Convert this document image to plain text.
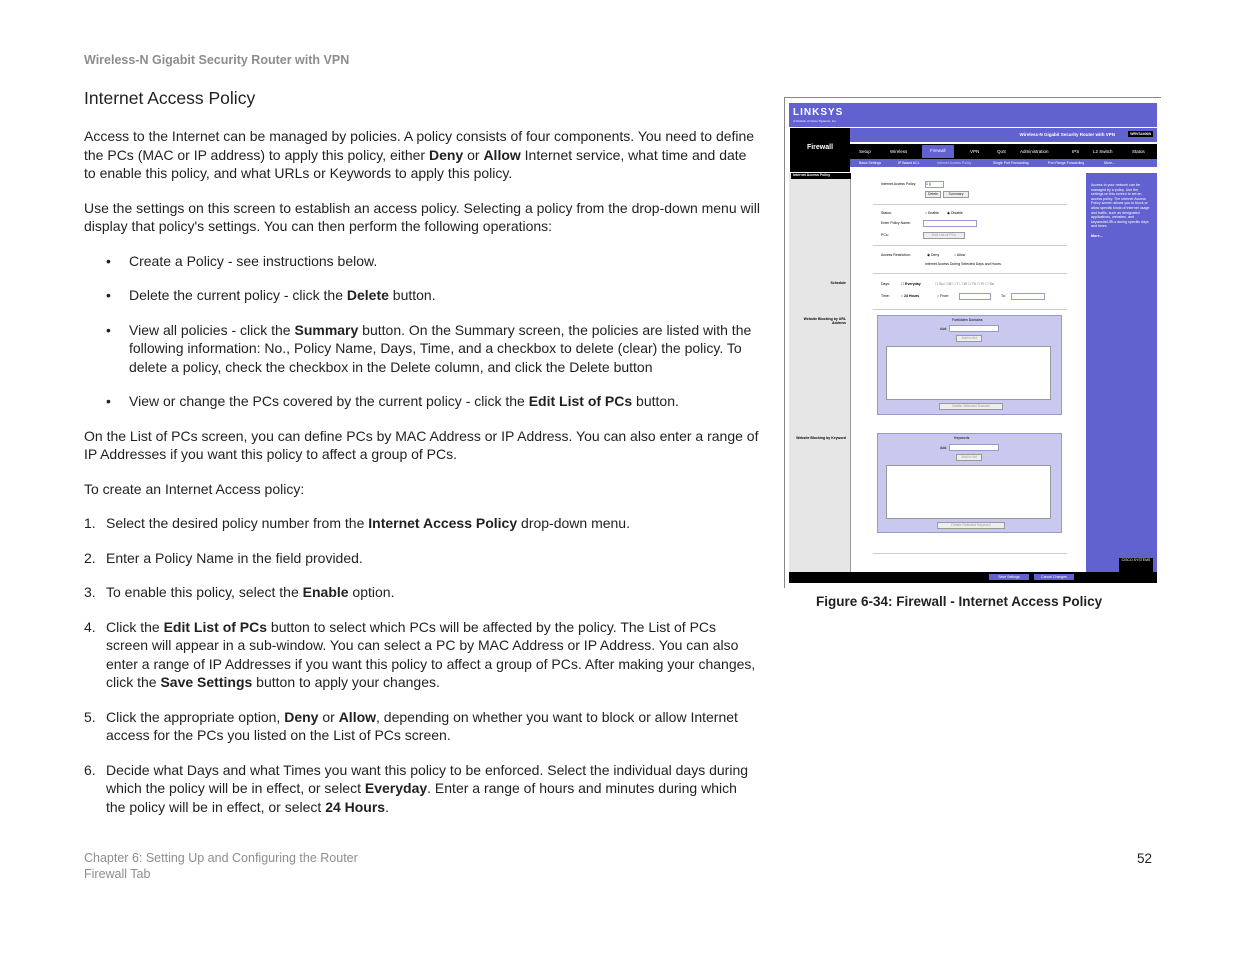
Wireless-N Gigabit Security Router with VPN
Internet Access Policy

Access to the Internet can be managed by policies. A policy consists of four components. You need to define the PCs (MAC or IP address) to apply this policy, either Deny or Allow Internet service, what time and date to enable this policy, and what URLs or Keywords to apply this policy.

Use the settings on this screen to establish an access policy. Selecting a policy from the drop-down menu will display that policy's settings. You can then perform the following operations:

• Create a Policy - see instructions below.
• Delete the current policy - click the Delete button.
• View all policies - click the Summary button. On the Summary screen, the policies are listed with the following information: No., Policy Name, Days, Time, and a checkbox to delete (clear) the policy. To delete a policy, check the checkbox in the Delete column, and click the Delete button
• View or change the PCs covered by the current policy - click the Edit List of PCs button.

On the List of PCs screen, you can define PCs by MAC Address or IP Address. You can also enter a range of IP Addresses if you want this policy to affect a group of PCs.

To create an Internet Access policy:

1. Select the desired policy number from the Internet Access Policy drop-down menu.
2. Enter a Policy Name in the field provided.
3. To enable this policy, select the Enable option.
4. Click the Edit List of PCs button to select which PCs will be affected by the policy. The List of PCs screen will appear in a sub-window. You can select a PC by MAC Address or IP Address. You can also enter a range of IP Addresses if you want this policy to affect a group of PCs. After making your changes, click the Save Settings button to apply your changes.
5. Click the appropriate option, Deny or Allow, depending on whether you want to block or allow Internet access for the PCs you listed on the List of PCs screen.
6. Decide what Days and what Times you want this policy to be enforced. Select the individual days during which the policy will be in effect, or select Everyday. Enter a range of hours and minutes during which the policy will be in effect, or select 24 Hours.
LINKSYS
A Division of Cisco Systems, Inc.
Firewall
Wireless-N Gigabit Security Router with VPN	WRVS4400N
Setup	Wireless	Firewall	VPN	QoS	Administration	IPS	L2 Switch	Status
Basic Settings	IP Based ACL	Internet Access Policy	Single Port Forwarding	Port Range Forwarding	More...
Internet Access Policy
Schedule
Website Blocking by URL Address
Website Blocking by Keyword
Internet Access Policy:	1 ()
Delete	Summary
Status:	○ Enable ◉ Disable
Enter Policy Name:
PCs:	Edit List of PCs
Access Restriction:	◉ Deny	○ Allow
Internet Access During Selected Days and Hours.
Days:	☐ Everyday	☐ Su ☐ M ☐ T ☐ W ☐ Th ☐ Fr ☐ Sa
Time:	○ 24 Hours	○ From:	To:
Forbidden Domains
Add:
Add to list
Delete Selected Domain
Keywords
Add:
Add to list
Delete Selected Keyword
Access to your network can be managed by a policy. Use the settings on this screen to set an access policy. The Internet Access Policy screen allows you to block or allow specific kinds of Internet usage and traffic, such as designated applications, websites, and keywords/URLs during specific days and times.

More...
CISCO SYSTEMS
Save Settings	Cancel Changes
Figure 6-34: Firewall - Internet Access Policy
Chapter 6: Setting Up and Configuring the Router
Firewall Tab
52
